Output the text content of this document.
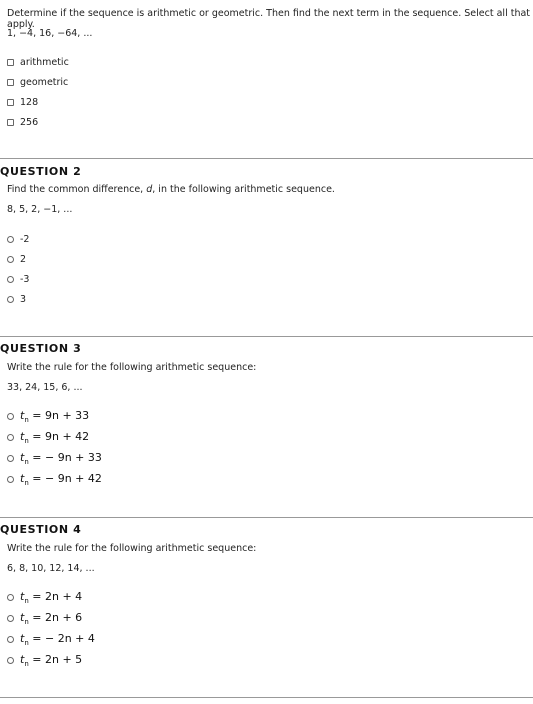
Determine if the sequence is arithmetic or geometric. Then find the next term in the sequence. Select all that apply.
1, −4, 16, −64, ...
arithmetic
geometric
128
256
QUESTION 2
Find the common difference, d, in the following arithmetic sequence.
8, 5, 2, −1, ...
-2
2
-3
3
QUESTION 3
Write the rule for the following arithmetic sequence:
33, 24, 15, 6, ...
$t_n = 9n + 33$
$t_n = 9n + 42$
$t_n$ = − 9n + 33
$t_n$ = − 9n + 42
QUESTION 4
Write the rule for the following arithmetic sequence:
6, 8, 10, 12, 14, ...
$t_n = 2n + 4$
$t_n = 2n + 6$
$t_n$ = − 2n + 4
$t_n = 2n + 5$
